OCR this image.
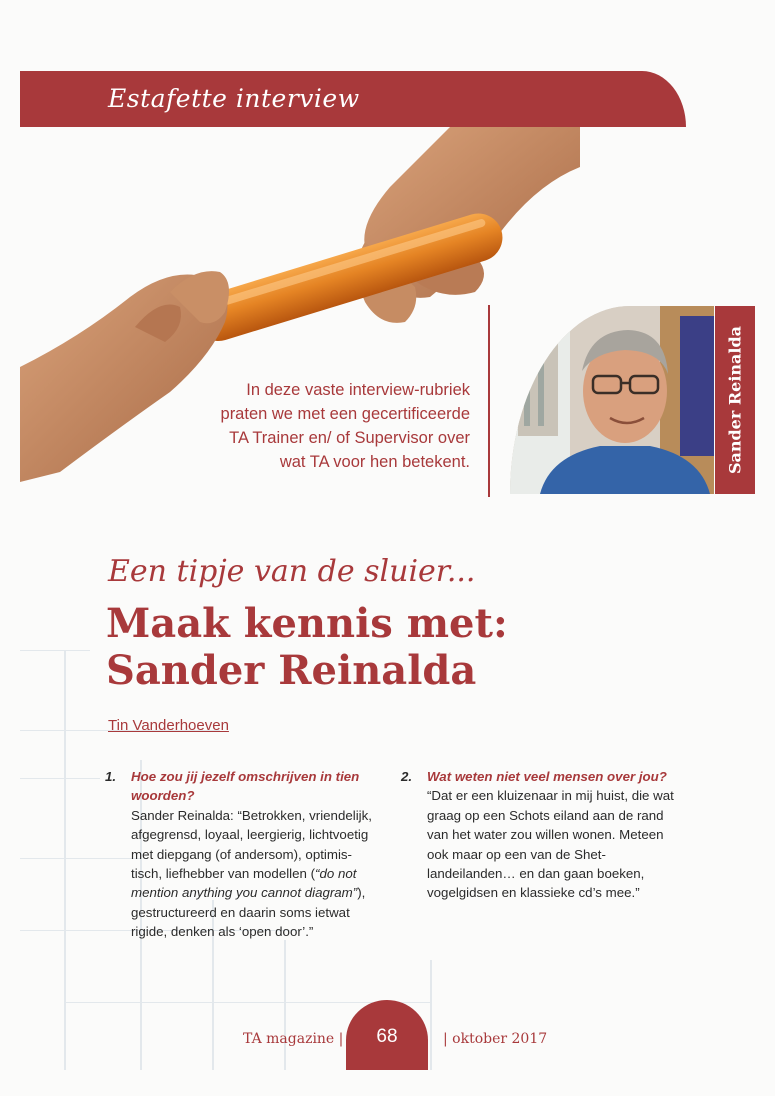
Estafette interview
In deze vaste interview-rubriek praten we met een gecertificeerde TA Trainer en/ of Supervisor over wat TA voor hen betekent.	Sander Reinalda
Een tipje van de sluier...
Maak kennis met:
Sander Reinalda
Tin Vanderhoeven
1. Hoe zou jij jezelf omschrijven in tien woorden?
Sander Reinalda: “Betrokken, vriendelijk, afgegrensd, loyaal, leergierig, lichtvoetig met diepgang (of andersom), optimis-tisch, liefhebber van modellen (“do not mention anything you cannot diagram”), gestructureerd en daarin soms ietwat rigide, denken als ‘open door’.”
2. Wat weten niet veel mensen over jou?
“Dat er een kluizenaar in mij huist, die wat graag op een Schots eiland aan de rand van het water zou willen wonen. Meteen ook maar op een van de Shet-landeilanden… en dan gaan boeken, vogelgidsen en klassieke cd’s mee.”
TA magazine |	68	| oktober 2017
